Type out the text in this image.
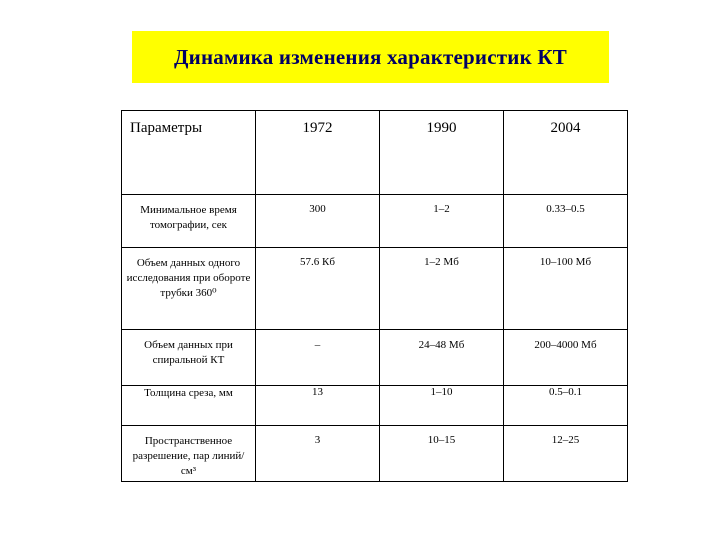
Динамика изменения характеристик КТ
Параметры	1972	1990	2004
Минимальное время томографии, сек	300	1–2	0.33–0.5
Объем данных одного исследования при обороте трубки 360⁰	57.6 Кб	1–2 Мб	10–100 Мб
Объем данных при спиральной КТ	–	24–48 Мб	200–4000 Мб
Толщина среза, мм	13	1–10	0.5–0.1
Пространственное разрешение, пар линий/см³	3	10–15	12–25
